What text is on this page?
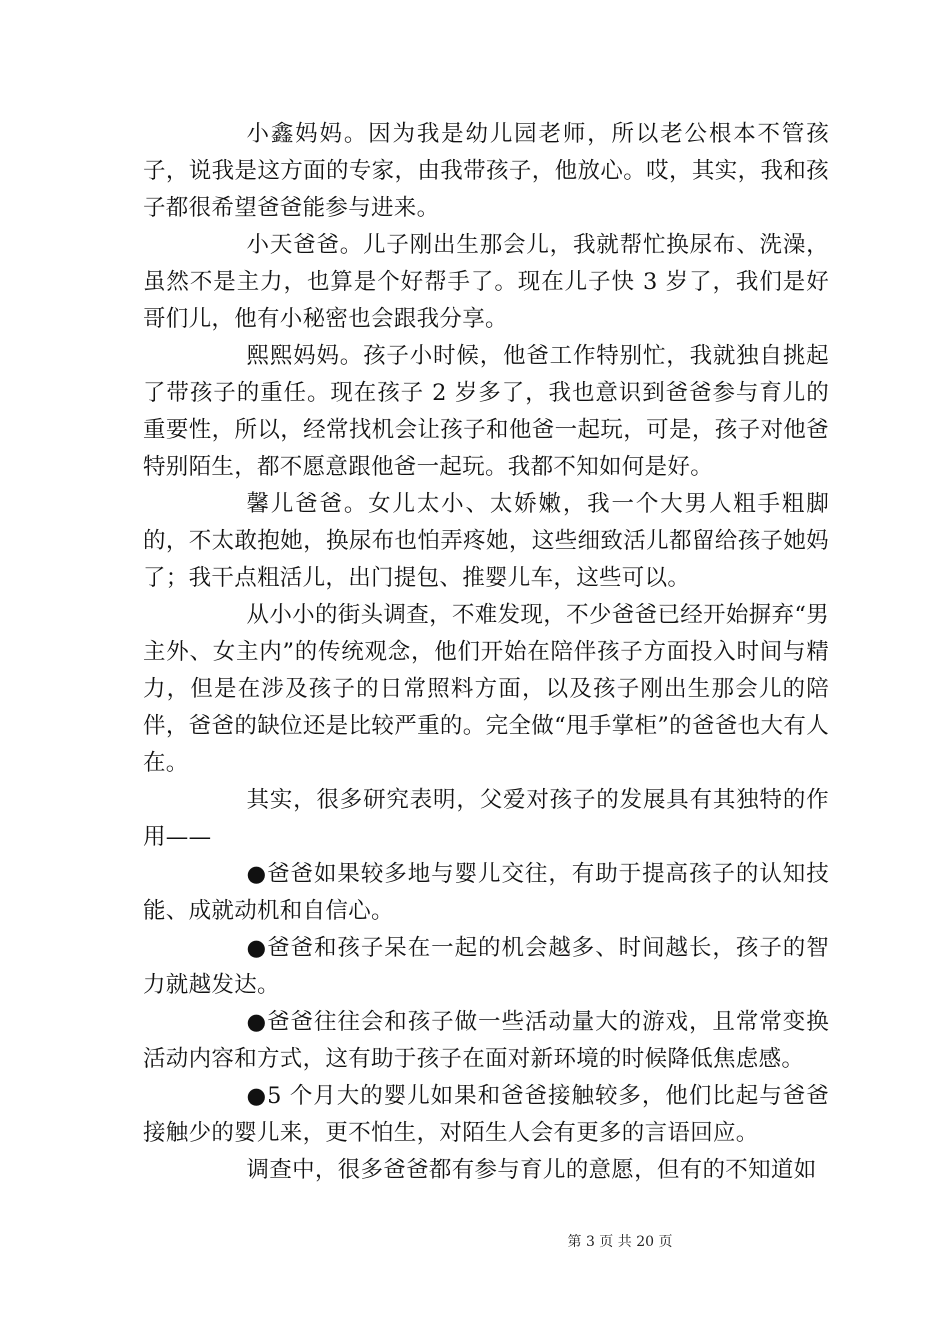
小鑫妈妈。因为我是幼儿园老师，所以老公根本不管孩子，说我是这方面的专家，由我带孩子，他放心。哎，其实，我和孩子都很希望爸爸能参与进来。

小天爸爸。儿子刚出生那会儿，我就帮忙换尿布、洗澡，虽然不是主力，也算是个好帮手了。现在儿子快 3 岁了，我们是好哥们儿，他有小秘密也会跟我分享。

熙熙妈妈。孩子小时候，他爸工作特别忙，我就独自挑起了带孩子的重任。现在孩子 2 岁多了，我也意识到爸爸参与育儿的重要性，所以，经常找机会让孩子和他爸一起玩，可是，孩子对他爸特别陌生，都不愿意跟他爸一起玩。我都不知如何是好。

馨儿爸爸。女儿太小、太娇嫩，我一个大男人粗手粗脚的，不太敢抱她，换尿布也怕弄疼她，这些细致活儿都留给孩子她妈了；我干点粗活儿，出门提包、推婴儿车，这些可以。

从小小的街头调查，不难发现，不少爸爸已经开始摒弃“男主外、女主内”的传统观念，他们开始在陪伴孩子方面投入时间与精力，但是在涉及孩子的日常照料方面，以及孩子刚出生那会儿的陪伴，爸爸的缺位还是比较严重的。完全做“甩手掌柜”的爸爸也大有人在。

其实，很多研究表明，父爱对孩子的发展具有其独特的作用——

●爸爸如果较多地与婴儿交往，有助于提高孩子的认知技能、成就动机和自信心。

●爸爸和孩子呆在一起的机会越多、时间越长，孩子的智力就越发达。

●爸爸往往会和孩子做一些活动量大的游戏，且常常变换活动内容和方式，这有助于孩子在面对新环境的时候降低焦虑感。

●5 个月大的婴儿如果和爸爸接触较多，他们比起与爸爸接触少的婴儿来，更不怕生，对陌生人会有更多的言语回应。

调查中，很多爸爸都有参与育儿的意愿，但有的不知道如

第 3 页 共 20 页
